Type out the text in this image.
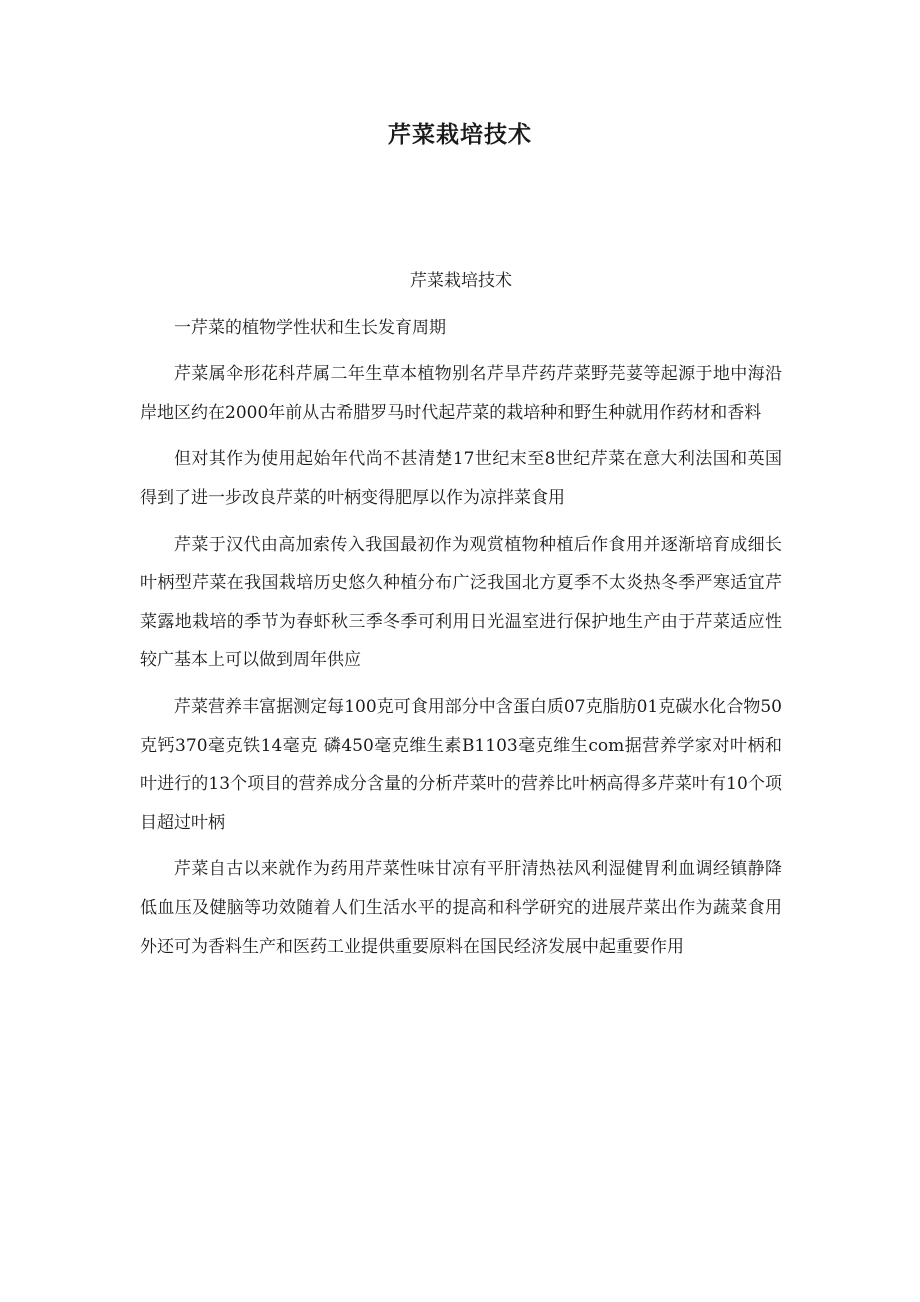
芹菜栽培技术

芹菜栽培技术

一芹菜的植物学性状和生长发育周期

芹菜属伞形花科芹属二年生草本植物别名芹旱芹药芹菜野芫荽等起源于地中海沿岸地区约在2000年前从古希腊罗马时代起芹菜的栽培种和野生种就用作药材和香料

但对其作为使用起始年代尚不甚清楚17世纪末至8世纪芹菜在意大利法国和英国得到了进一步改良芹菜的叶柄变得肥厚以作为凉拌菜食用

芹菜于汉代由高加索传入我国最初作为观赏植物种植后作食用并逐渐培育成细长叶柄型芹菜在我国栽培历史悠久种植分布广泛我国北方夏季不太炎热冬季严寒适宜芹菜露地栽培的季节为春虾秋三季冬季可利用日光温室进行保护地生产由于芹菜适应性较广基本上可以做到周年供应

芹菜营养丰富据测定每100克可食用部分中含蛋白质07克脂肪01克碳水化合物50克钙370毫克铁14毫克 磷450毫克维生素B1103毫克维生com据营养学家对叶柄和叶进行的13个项目的营养成分含量的分析芹菜叶的营养比叶柄高得多芹菜叶有10个项目超过叶柄

芹菜自古以来就作为药用芹菜性味甘凉有平肝清热祛风利湿健胃利血调经镇静降低血压及健脑等功效随着人们生活水平的提高和科学研究的进展芹菜出作为蔬菜食用外还可为香料生产和医药工业提供重要原料在国民经济发展中起重要作用
